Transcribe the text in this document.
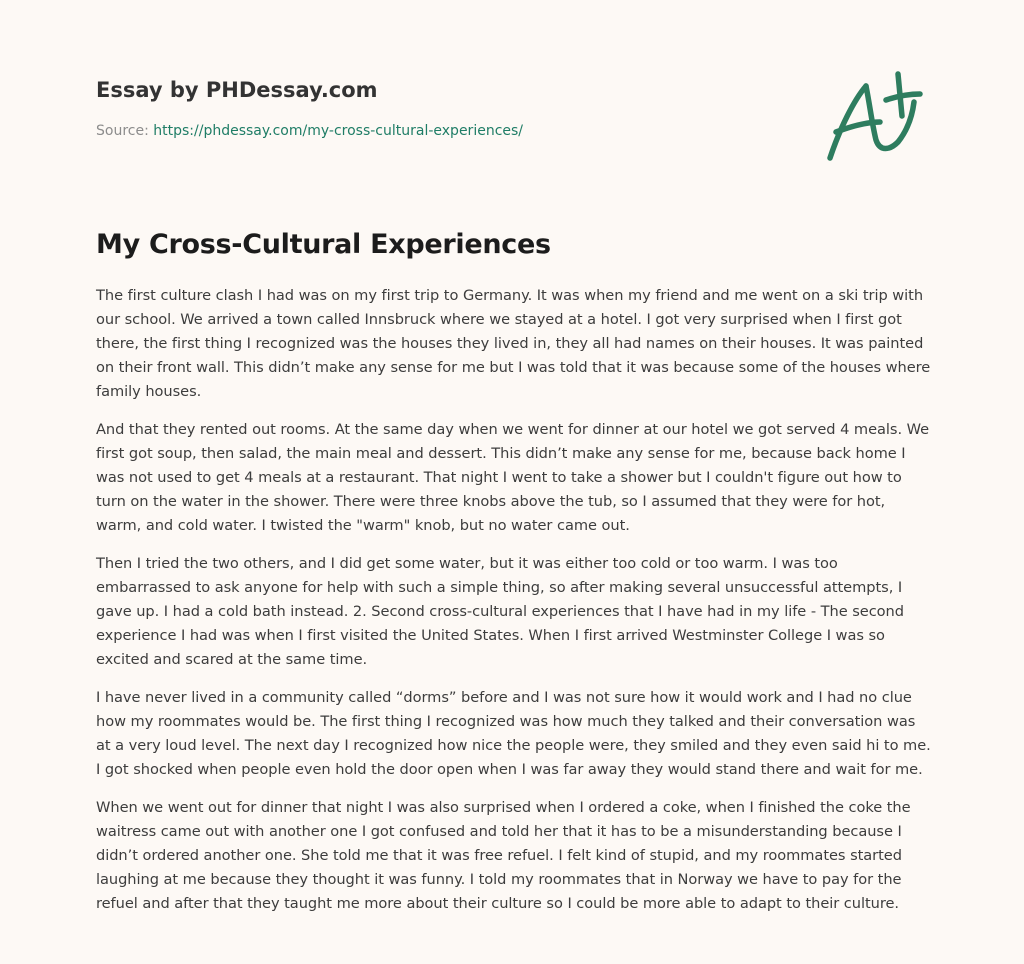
Essay by PHDessay.com
Source: https://phdessay.com/my-cross-cultural-experiences/
My Cross-Cultural Experiences

The first culture clash I had was on my first trip to Germany. It was when my friend and me went on a ski trip with our school. We arrived a town called Innsbruck where we stayed at a hotel. I got very surprised when I first got there, the first thing I recognized was the houses they lived in, they all had names on their houses. It was painted on their front wall. This didn’t make any sense for me but I was told that it was because some of the houses where family houses.

And that they rented out rooms. At the same day when we went for dinner at our hotel we got served 4 meals. We first got soup, then salad, the main meal and dessert. This didn’t make any sense for me, because back home I was not used to get 4 meals at a restaurant. That night I went to take a shower but I couldn't figure out how to turn on the water in the shower. There were three knobs above the tub, so I assumed that they were for hot, warm, and cold water. I twisted the "warm" knob, but no water came out.

Then I tried the two others, and I did get some water, but it was either too cold or too warm. I was too embarrassed to ask anyone for help with such a simple thing, so after making several unsuccessful attempts, I gave up. I had a cold bath instead. 2. Second cross-cultural experiences that I have had in my life - The second experience I had was when I first visited the United States. When I first arrived Westminster College I was so excited and scared at the same time.

I have never lived in a community called “dorms” before and I was not sure how it would work and I had no clue how my roommates would be. The first thing I recognized was how much they talked and their conversation was at a very loud level. The next day I recognized how nice the people were, they smiled and they even said hi to me. I got shocked when people even hold the door open when I was far away they would stand there and wait for me.

When we went out for dinner that night I was also surprised when I ordered a coke, when I finished the coke the waitress came out with another one I got confused and told her that it has to be a misunderstanding because I didn’t ordered another one. She told me that it was free refuel. I felt kind of stupid, and my roommates started laughing at me because they thought it was funny. I told my roommates that in Norway we have to pay for the refuel and after that they taught me more about their culture so I could be more able to adapt to their culture.
